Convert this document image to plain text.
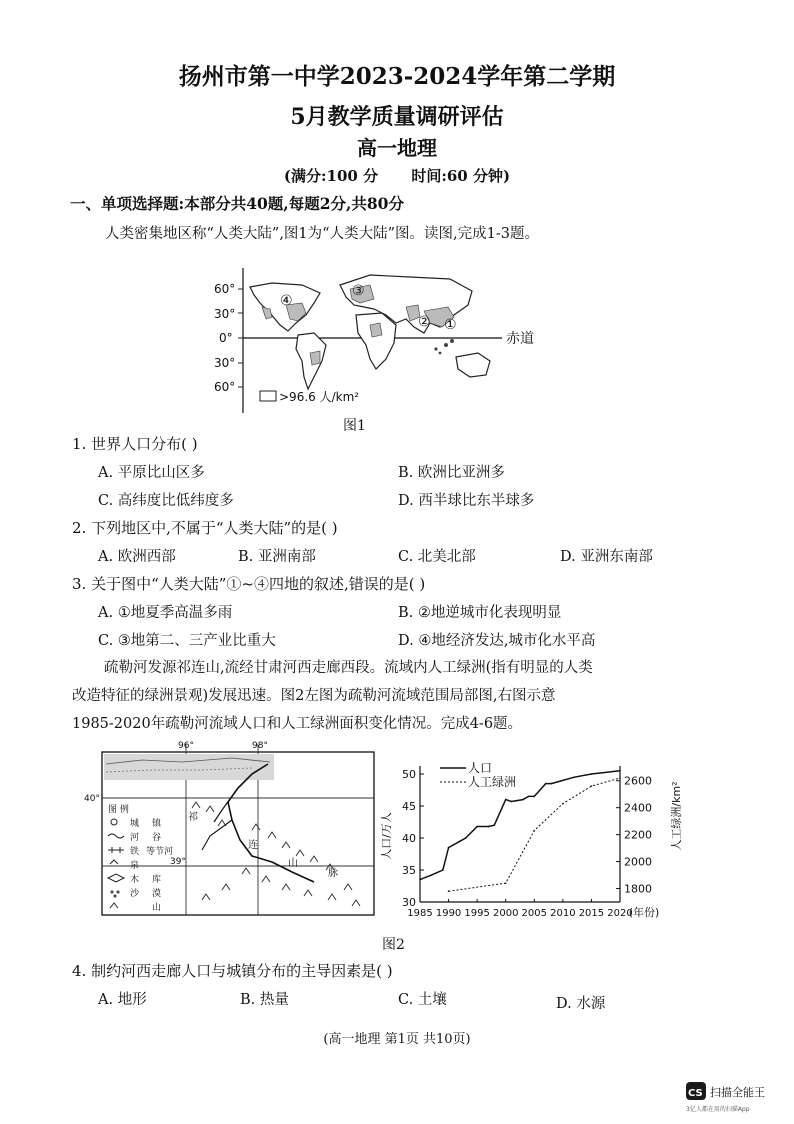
扬州市第一中学2023-2024学年第二学期
5月教学质量调研评估
高一地理
(满分:100 分 时间:60 分钟)
一、单项选择题:本部分共40题,每题2分,共80分
人类密集地区称“人类大陆”,图1为“人类大陆”图。读图,完成1-3题。
60°
30°
0°
30°
60°
赤道
④
③
② ①
>96.6 人/km²
图1
1. 世界人口分布( )
A. 平原比山区多	B. 欧洲比亚洲多
C. 高纬度比低纬度多	D. 西半球比东半球多
2. 下列地区中,不属于“人类大陆”的是( )
A. 欧洲西部	B. 亚洲南部	C. 北美北部	D. 亚洲东南部
3. 关于图中“人类大陆”①~④四地的叙述,错误的是( )
A. ①地夏季高温多雨	B. ②地逆城市化表现明显
C. ③地第二、三产业比重大	D. ④地经济发达,城市化水平高
疏勒河发源祁连山,流经甘肃河西走廊西段。流域内人工绿洲(指有明显的人类
改造特征的绿洲景观)发展迅速。图2左图为疏勒河流域范围局部图,右图示意
1985-2020年疏勒河流域人口和人工绿洲面积变化情况。完成4-6题。
96°	98°
40°
39°
祁
连
山
脉
图 例
城 镇
河 谷
铁 等节河
泉
木 库
沙 漠
山	30
35
40
45
50
1800
2000
2200
2400
2600
1985 1990 1995 2000 2005 2010 2015 2020
(年份)
人口/万人	人工绿洲/km²
人口
人工绿洲
图2
4. 制约河西走廊人口与城镇分布的主导因素是( )
A. 地形	B. 热量	C. 土壤	D. 水源
(高一地理 第1页 共10页)
CS 扫描全能王
3亿人都在用的扫描App
